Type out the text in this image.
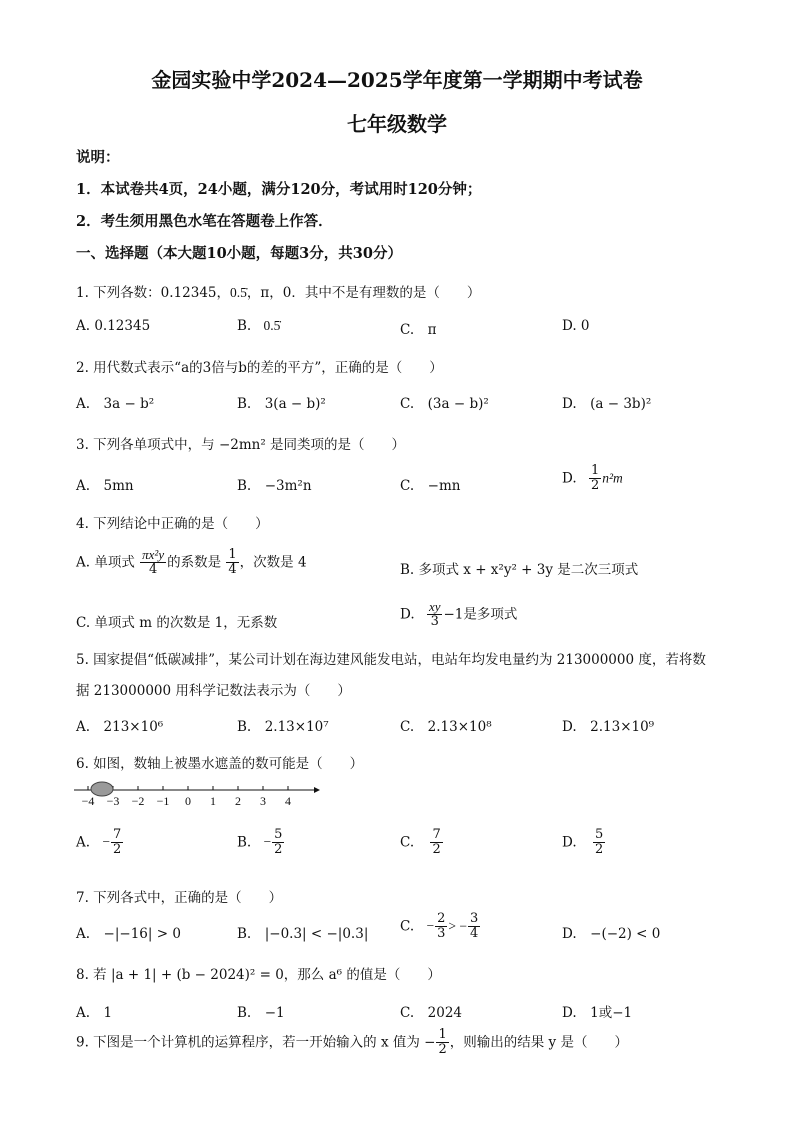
金园实验中学2024—2025学年度第一学期期中考试卷
七年级数学
说明：
1．本试卷共4页，24小题，满分120分，考试用时120分钟；
2．考生须用黑色水笔在答题卷上作答．
一、选择题（本大题10小题，每题3分，共30分）
1. 下列各数：0.12345，0.5̇，π，0．其中不是有理数的是（　　）
A. 0.12345	B. 0.5̇	C.　π	D. 0
2. 用代数式表示“a的3倍与b的差的平方”，正确的是（　　）
A.　3a − b²	B.　3(a − b)²	C.　(3a − b)²	D.　(a − 3b)²
3. 下列各单项式中，与 −2mn² 是同类项的是（　　）
A.　5mn	B.　−3m²n	C.　−mn	D. $\frac{1}{2} n^2m$
4. 下列结论中正确的是（　　）
A. 单项式 $\frac{\text{πx²y}}{4}$ 的系数是 $\frac{1}{4}$ ，次数是 4	B. 多项式 x + x²y² + 3y 是二次三项式
C. 单项式 m 的次数是 1，无系数
D. $\frac{xy}{3} -1$是多项式
5. 国家提倡“低碳减排”，某公司计划在海边建风能发电站，电站年均发电量约为 213000000 度，若将数
据 213000000 用科学记数法表示为（　　）
A.　213×10⁶	B.　2.13×10⁷	C.　2.13×10⁸	D.　2.13×10⁹
6. 如图，数轴上被墨水遮盖的数可能是（　　）
−4 −3 −2 −1 0 1 2 3 4
A. − $\frac{7}{2}$	B. − $\frac{5}{2}$	C. $\frac{7}{2}$	D. $\frac{5}{2}$
7. 下列各式中，正确的是（　　）
A.　−|−16| > 0	B.　|−0.3| < −|0.3| C. − $\frac{2}{3}$ > − $\frac{3}{4}$	D.　−(−2) < 0
8. 若 |a + 1| + (b − 2024)² = 0，那么 a⁶ 的值是（　　）
A.　1	B.　−1	C.　2024	D.　1或−1
9. 下图是一个计算机的运算程序，若一开始输入的 x 值为 − $\frac{1}{2}$ ，则输出的结果 y 是（　　）
